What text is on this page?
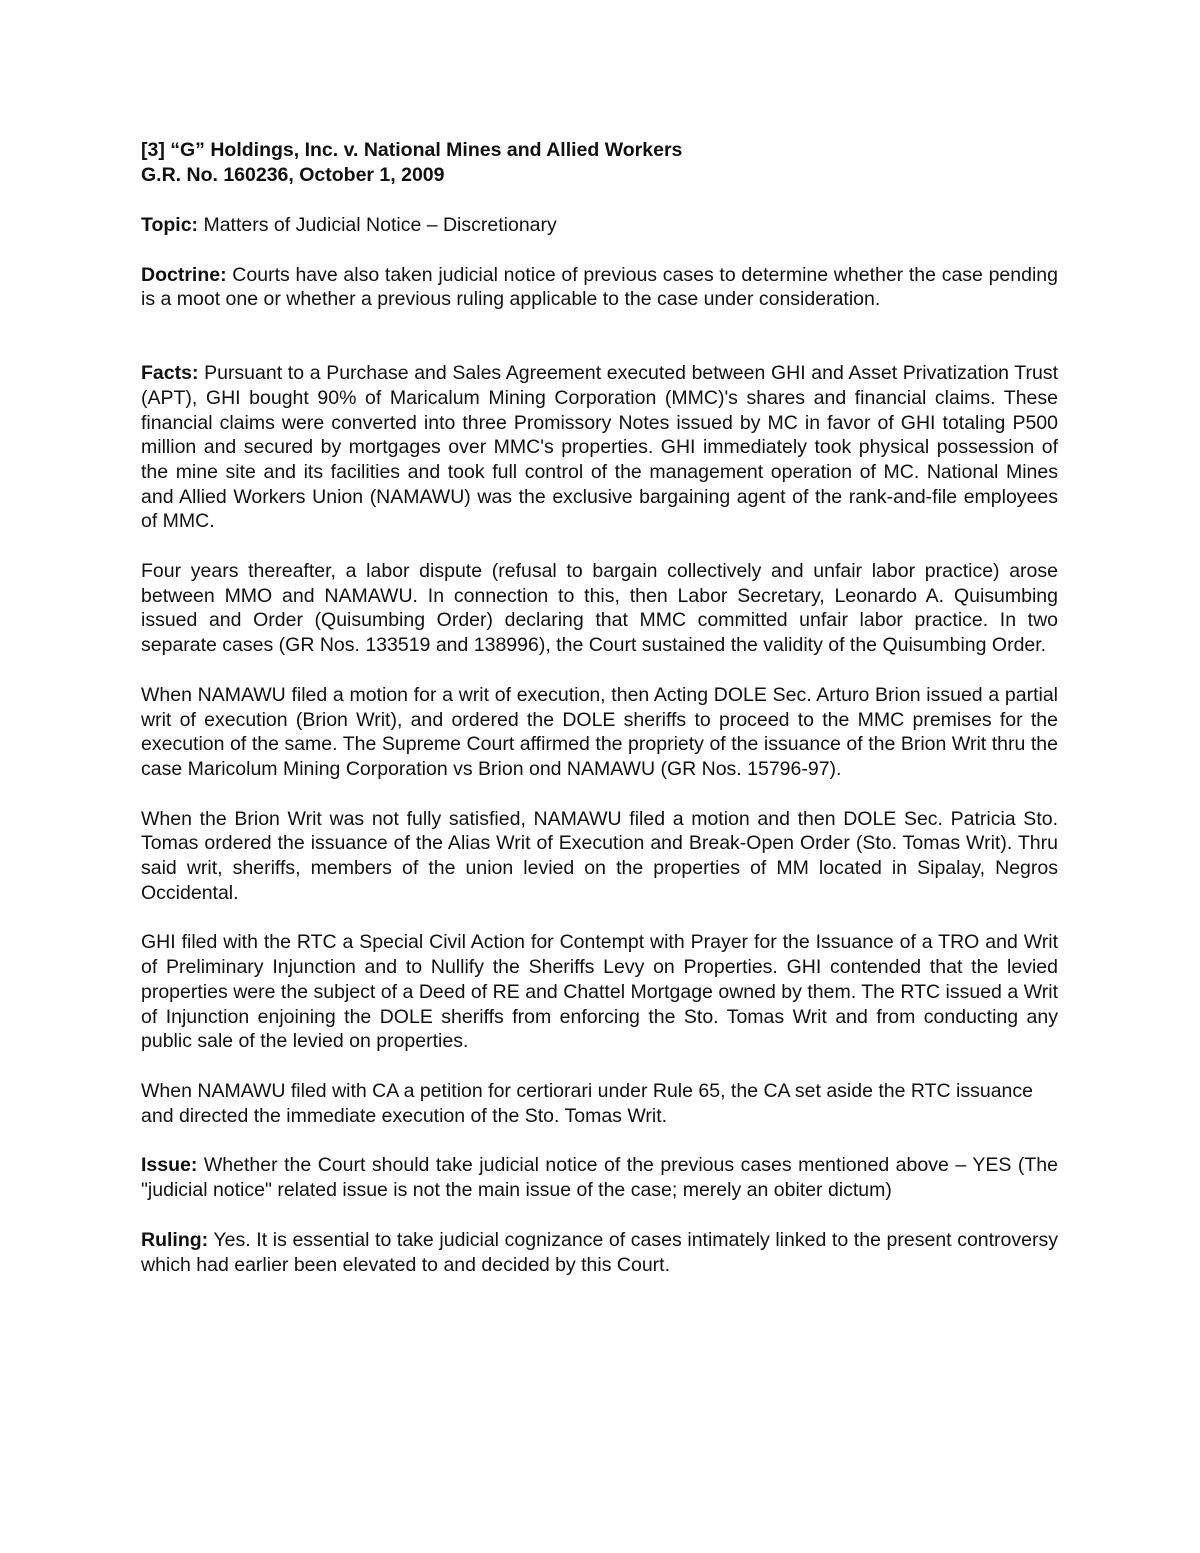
[3] “G” Holdings, Inc. v. National Mines and Allied Workers

G.R. No. 160236, October 1, 2009

Topic: Matters of Judicial Notice – Discretionary

Doctrine: Courts have also taken judicial notice of previous cases to determine whether the case pending is a moot one or whether a previous ruling applicable to the case under consideration.

Facts: Pursuant to a Purchase and Sales Agreement executed between GHI and Asset Privatization Trust (APT), GHI bought 90% of Maricalum Mining Corporation (MMC)'s shares and financial claims. These financial claims were converted into three Promissory Notes issued by MC in favor of GHI totaling P500 million and secured by mortgages over MMC's properties. GHI immediately took physical possession of the mine site and its facilities and took full control of the management operation of MC. National Mines and Allied Workers Union (NAMAWU) was the exclusive bargaining agent of the rank-and-file employees of MMC.

Four years thereafter, a labor dispute (refusal to bargain collectively and unfair labor practice) arose between MMO and NAMAWU. In connection to this, then Labor Secretary, Leonardo A. Quisumbing issued and Order (Quisumbing Order) declaring that MMC committed unfair labor practice. In two separate cases (GR Nos. 133519 and 138996), the Court sustained the validity of the Quisumbing Order.

When NAMAWU filed a motion for a writ of execution, then Acting DOLE Sec. Arturo Brion issued a partial writ of execution (Brion Writ), and ordered the DOLE sheriffs to proceed to the MMC premises for the execution of the same. The Supreme Court affirmed the propriety of the issuance of the Brion Writ thru the case Maricolum Mining Corporation vs Brion ond NAMAWU (GR Nos. 15796-97).

When the Brion Writ was not fully satisfied, NAMAWU filed a motion and then DOLE Sec. Patricia Sto. Tomas ordered the issuance of the Alias Writ of Execution and Break-Open Order (Sto. Tomas Writ). Thru said writ, sheriffs, members of the union levied on the properties of MM located in Sipalay, Negros Occidental.

GHI filed with the RTC a Special Civil Action for Contempt with Prayer for the Issuance of a TRO and Writ of Preliminary Injunction and to Nullify the Sheriffs Levy on Properties. GHI contended that the levied properties were the subject of a Deed of RE and Chattel Mortgage owned by them. The RTC issued a Writ of Injunction enjoining the DOLE sheriffs from enforcing the Sto. Tomas Writ and from conducting any public sale of the levied on properties.

When NAMAWU filed with CA a petition for certiorari under Rule 65, the CA set aside the RTC issuance and directed the immediate execution of the Sto. Tomas Writ.

Issue: Whether the Court should take judicial notice of the previous cases mentioned above – YES (The "judicial notice" related issue is not the main issue of the case; merely an obiter dictum)

Ruling: Yes. It is essential to take judicial cognizance of cases intimately linked to the present controversy which had earlier been elevated to and decided by this Court.
